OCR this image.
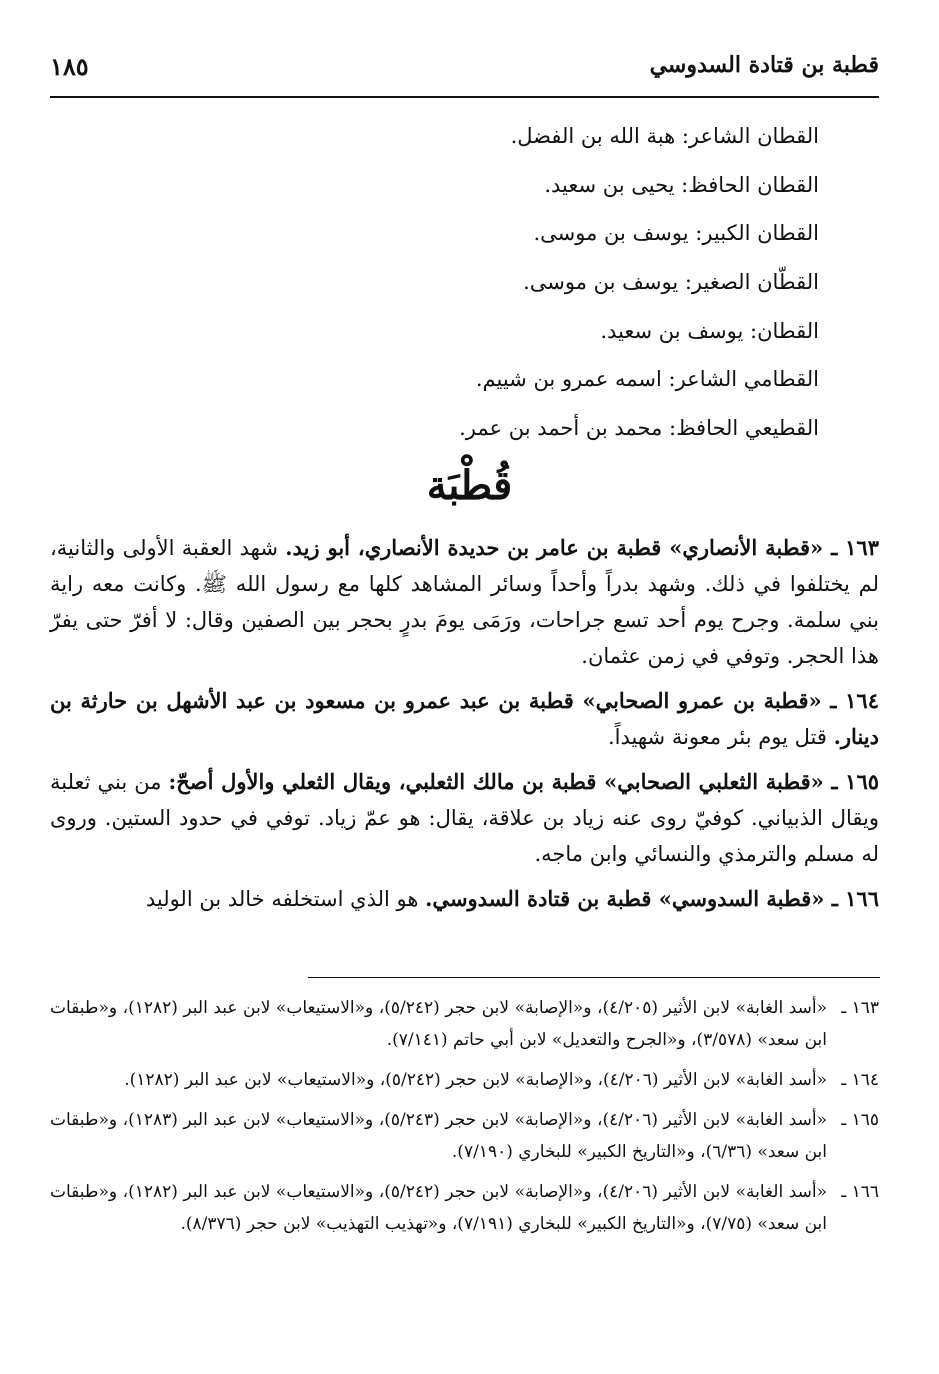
قطبة بن قتادة السدوسي
١٨٥
القطان الشاعر: هبة الله بن الفضل.
القطان الحافظ: يحيى بن سعيد.
القطان الكبير: يوسف بن موسى.
القطّان الصغير: يوسف بن موسى.
القطان: يوسف بن سعيد.
القطامي الشاعر: اسمه عمرو بن شييم.
القطيعي الحافظ: محمد بن أحمد بن عمر.
قُطْبَة

١٦٣ ـ «قطبة الأنصاري» قطبة بن عامر بن حديدة الأنصاري، أبو زيد. شهد العقبة الأولى والثانية، لم يختلفوا في ذلك. وشهد بدراً وأحداً وسائر المشاهد كلها مع رسول الله ﷺ. وكانت معه راية بني سلمة. وجرح يوم أحد تسع جراحات، ورَمَى يومَ بدرٍ بحجر بين الصفين وقال: لا أفرّ حتى يفرّ هذا الحجر. وتوفي في زمن عثمان.

١٦٤ ـ «قطبة بن عمرو الصحابي» قطبة بن عبد عمرو بن مسعود بن عبد الأشهل بن حارثة بن دينار. قتل يوم بئر معونة شهيداً.

١٦٥ ـ «قطبة الثعلبي الصحابي» قطبة بن مالك الثعلبي، ويقال الثعلي والأول أصحّ: من بني ثعلبة ويقال الذبياني. كوفيّ روى عنه زياد بن علاقة، يقال: هو عمّ زياد. توفي في حدود الستين. وروى له مسلم والترمذي والنسائي وابن ماجه.

١٦٦ ـ «قطبة السدوسي» قطبة بن قتادة السدوسي. هو الذي استخلفه خالد بن الوليد

١٦٣ ـ
«أسد الغابة» لابن الأثير (٤/٢٠٥)، و«الإصابة» لابن حجر (٥/٢٤٢)، و«الاستيعاب» لابن عبد البر (١٢٨٢)، و«طبقات ابن سعد» (٣/٥٧٨)، و«الجرح والتعديل» لابن أبي حاتم (٧/١٤١).
١٦٤ ـ
«أسد الغابة» لابن الأثير (٤/٢٠٦)، و«الإصابة» لابن حجر (٥/٢٤٢)، و«الاستيعاب» لابن عبد البر (١٢٨٢).
١٦٥ ـ
«أسد الغابة» لابن الأثير (٤/٢٠٦)، و«الإصابة» لابن حجر (٥/٢٤٣)، و«الاستيعاب» لابن عبد البر (١٢٨٣)، و«طبقات ابن سعد» (٦/٣٦)، و«التاريخ الكبير» للبخاري (٧/١٩٠).
١٦٦ ـ
«أسد الغابة» لابن الأثير (٤/٢٠٦)، و«الإصابة» لابن حجر (٥/٢٤٢)، و«الاستيعاب» لابن عبد البر (١٢٨٢)، و«طبقات ابن سعد» (٧/٧٥)، و«التاريخ الكبير» للبخاري (٧/١٩١)، و«تهذيب التهذيب» لابن حجر (٨/٣٧٦).
